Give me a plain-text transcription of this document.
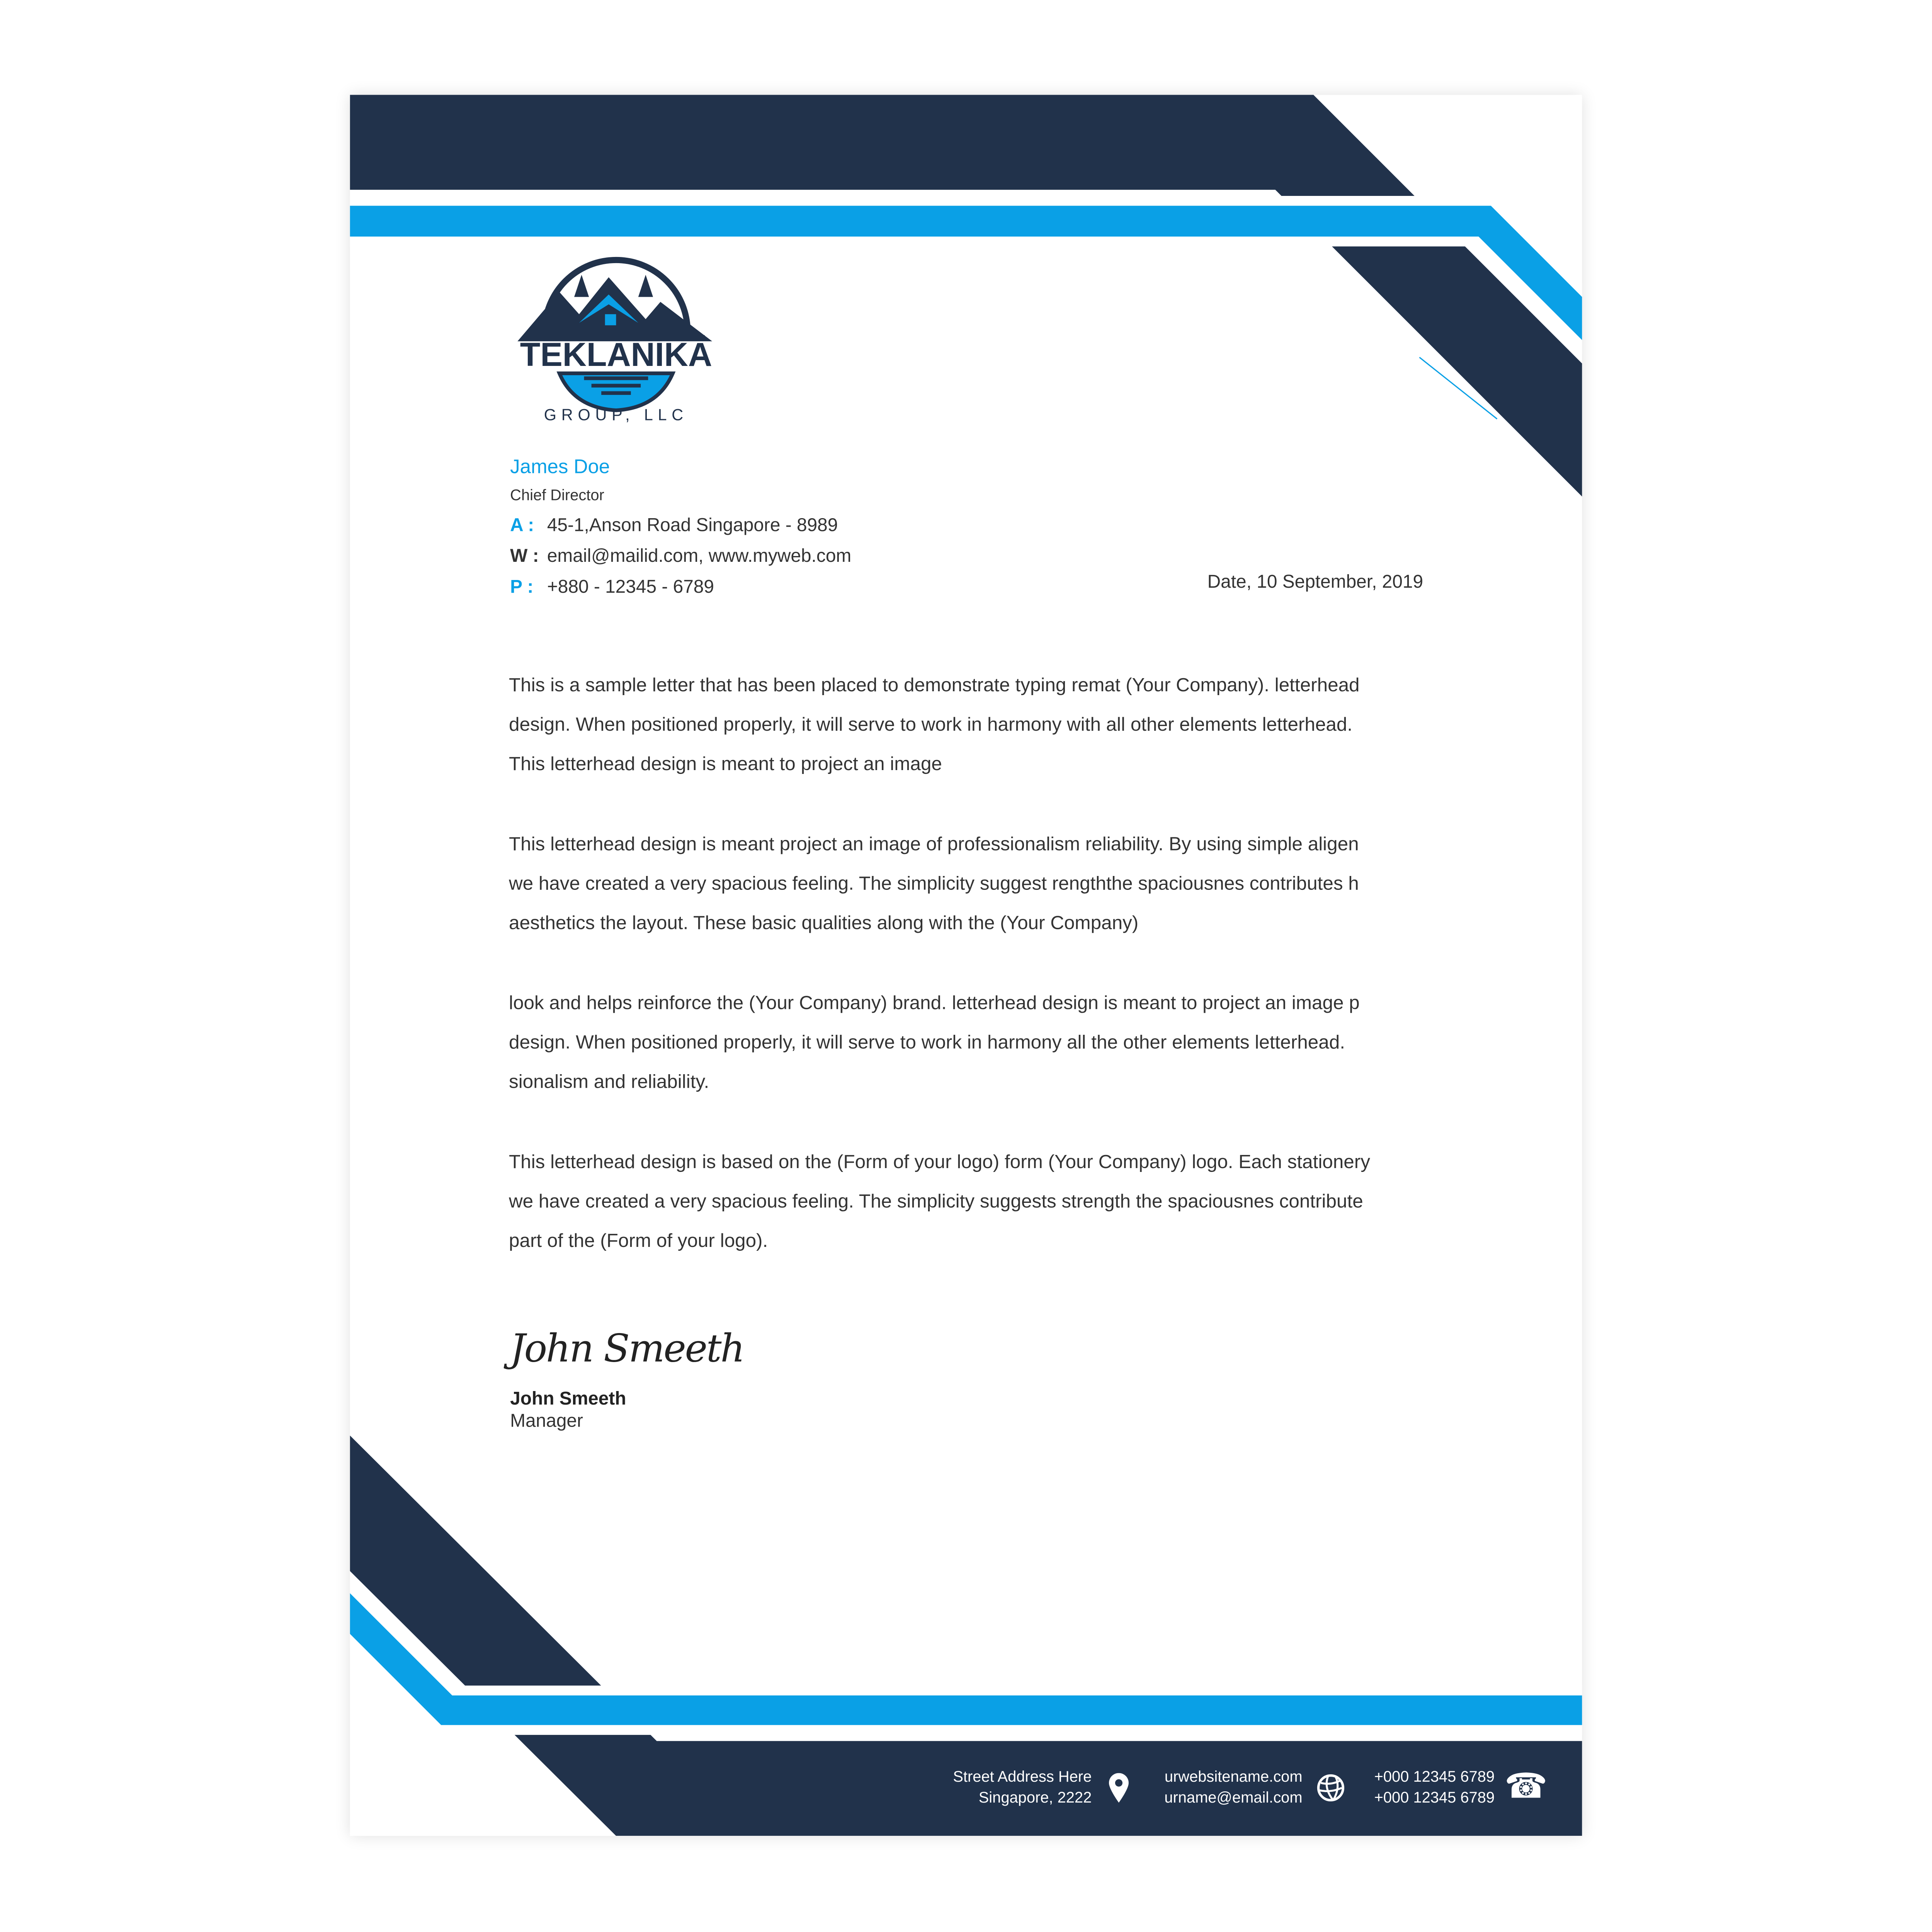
TEKLANIKA
GROUP, LLC
James Doe
Chief Director
A : 45-1,Anson Road Singapore - 8989
W : email@mailid.com, www.myweb.com
P : +880 - 12345 - 6789	Date, 10 September, 2019

This is a sample letter that has been placed to demonstrate typing remat (Your Company). letterhead
design. When positioned properly, it will serve to work in harmony with all other elements letterhead.
This letterhead design is meant to project an image

This letterhead design is meant project an image of professionalism reliability. By using simple aligen
we have created a very spacious feeling. The simplicity suggest rengththe spaciousnes contributes h
aesthetics the layout. These basic qualities along with the (Your Company)

look and helps reinforce the (Your Company) brand. letterhead design is meant to project an image p
design. When positioned properly, it will serve to work in harmony all the other elements letterhead.
sionalism and reliability.

This letterhead design is based on the (Form of your logo) form (Your Company) logo. Each stationery
we have created a very spacious feeling. The simplicity suggests strength the spaciousnes contribute
part of the (Form of your logo).

John Smeeth
John Smeeth
Manager
Street Address Here
Singapore, 2222
urwebsitename.com
urname@email.com
+000 12345 6789
+000 12345 6789 ☎
